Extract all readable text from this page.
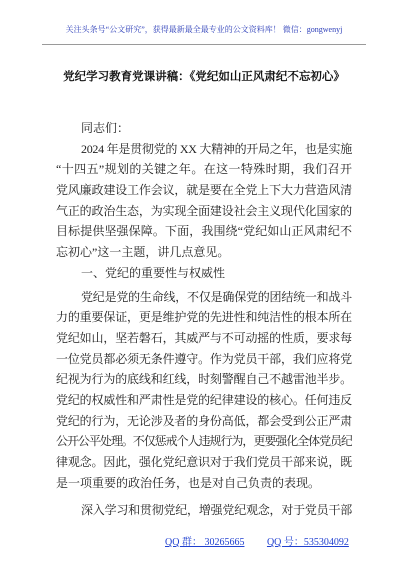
关注头条号“公文研究”，获得最新最全最专业的公文资料库！ 微信：gongwenyj
党纪学习教育党课讲稿：《党纪如山正风肃纪不忘初心》
同志们：
2024 年是贯彻党的 XX 大精神的开局之年，也是实施
“十四五”规划的关键之年。在这一特殊时期，我们召开
党风廉政建设工作会议，就是要在全党上下大力营造风清
气正的政治生态，为实现全面建设社会主义现代化国家的
目标提供坚强保障。下面，我围绕“党纪如山正风肃纪不
忘初心”这一主题，讲几点意见。
一、党纪的重要性与权威性
党纪是党的生命线，不仅是确保党的团结统一和战斗
力的重要保证，更是维护党的先进性和纯洁性的根本所在
党纪如山，坚若磐石，其威严与不可动摇的性质，要求每
一位党员都必须无条件遵守。作为党员干部，我们应将党
纪视为行为的底线和红线，时刻警醒自己不越雷池半步。
党纪的权威性和严肃性是党的纪律建设的核心。任何违反
党纪的行为，无论涉及者的身份高低，都会受到公正严肃
公开公平处理。不仅惩戒个人违规行为，更要强化全体党员纪
律观念。因此，强化党纪意识对于我们党员干部来说，既
是一项重要的政治任务，也是对自己负责的表现。
深入学习和贯彻党纪，增强党纪观念，对于党员干部
QQ 群： 30265665 QQ 号：535304092
